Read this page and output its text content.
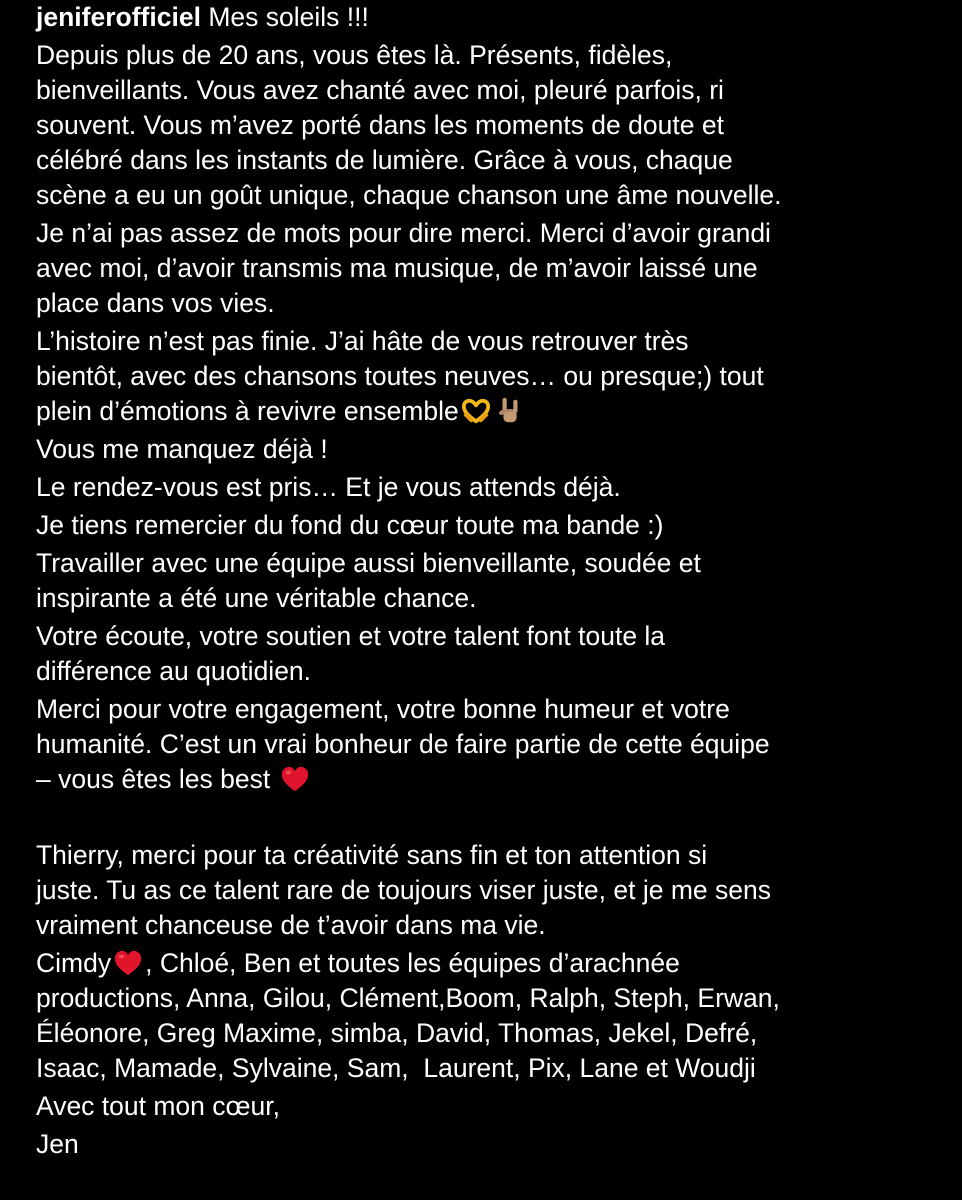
jeniferofficiel Mes soleils !!!

Depuis plus de 20 ans, vous êtes là. Présents, fidèles,
bienveillants. Vous avez chanté avec moi, pleuré parfois, ri
souvent. Vous m’avez porté dans les moments de doute et
célébré dans les instants de lumière. Grâce à vous, chaque
scène a eu un goût unique, chaque chanson une âme nouvelle.

Je n’ai pas assez de mots pour dire merci. Merci d’avoir grandi
avec moi, d’avoir transmis ma musique, de m’avoir laissé une
place dans vos vies.

L’histoire n’est pas finie. J’ai hâte de vous retrouver très
bientôt, avec des chansons toutes neuves… ou presque;) tout
plein d’émotions à revivre ensemble

Vous me manquez déjà !

Le rendez-vous est pris… Et je vous attends déjà.

Je tiens remercier du fond du cœur toute ma bande :)

Travailler avec une équipe aussi bienveillante, soudée et
inspirante a été une véritable chance.

Votre écoute, votre soutien et votre talent font toute la
différence au quotidien.

Merci pour votre engagement, votre bonne humeur et votre
humanité. C’est un vrai bonheur de faire partie de cette équipe
– vous êtes les best

Thierry, merci pour ta créativité sans fin et ton attention si
juste. Tu as ce talent rare de toujours viser juste, et je me sens
vraiment chanceuse de t’avoir dans ma vie.

Cimdy , Chloé, Ben et toutes les équipes d’arachnée
productions, Anna, Gilou, Clément,Boom, Ralph, Steph, Erwan,
Éléonore, Greg Maxime, simba, David, Thomas, Jekel, Defré,
Isaac, Mamade, Sylvaine, Sam,  Laurent, Pix, Lane et Woudji

Avec tout mon cœur,

Jen
